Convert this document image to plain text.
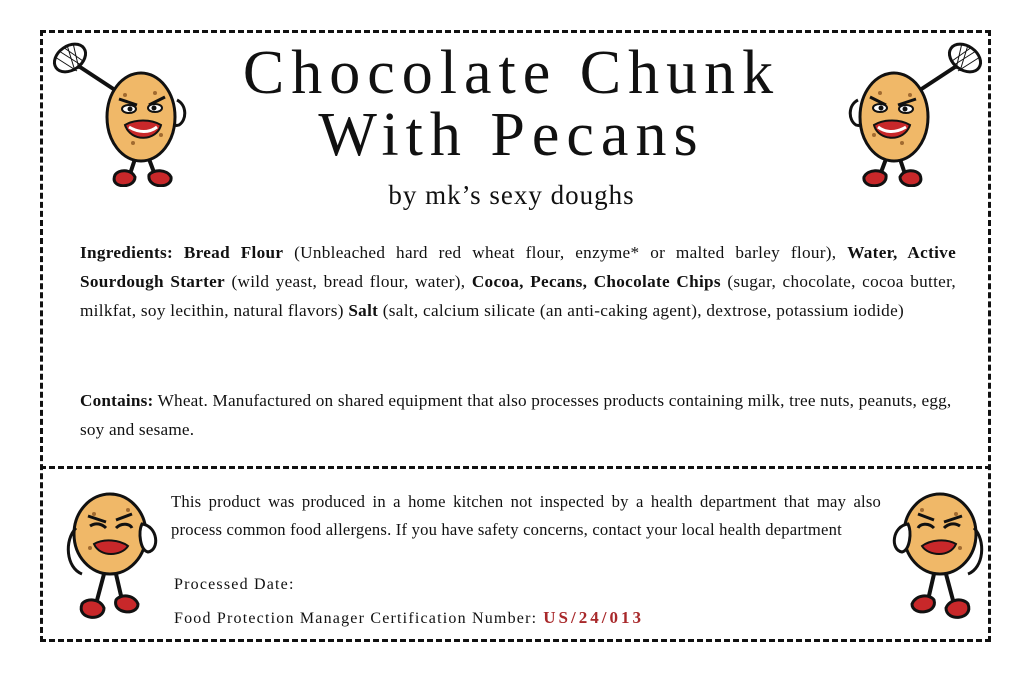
Chocolate Chunk
With Pecans
by mk’s sexy doughs
Ingredients: Bread Flour (Unbleached hard red wheat flour, enzyme* or malted barley flour), Water, Active Sourdough Starter (wild yeast, bread flour, water), Cocoa, Pecans, Chocolate Chips (sugar, chocolate, cocoa butter, milkfat, soy lecithin, natural flavors) Salt (salt, calcium silicate (an anti-caking agent), dextrose, potassium iodide)
Contains: Wheat. Manufactured on shared equipment that also processes products containing milk, tree nuts, peanuts, egg, soy and sesame.
This product was produced in a home kitchen not inspected by a health department that may also process common food allergens. If you have safety concerns, contact your local health department
Processed Date:
Food Protection Manager Certification Number: US/24/013
